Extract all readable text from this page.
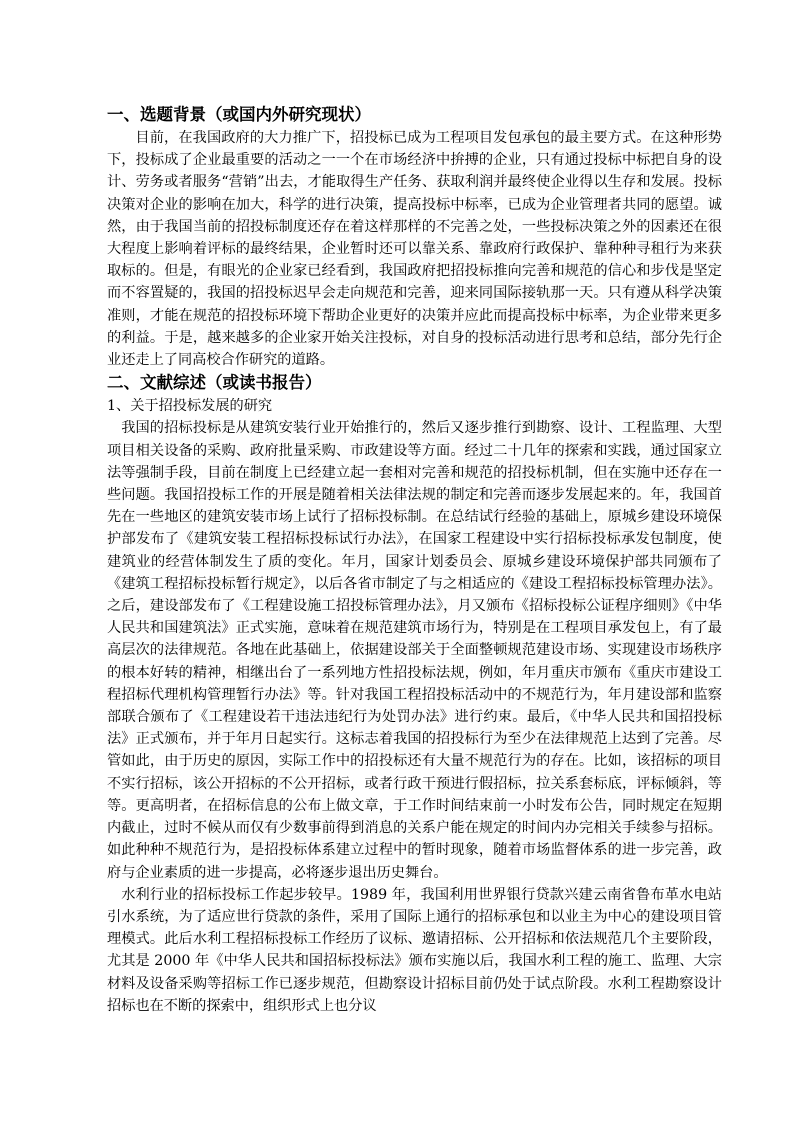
一、选题背景（或国内外研究现状）

目前，在我国政府的大力推广下，招投标已成为工程项目发包承包的最主要方式。在这种形势下，投标成了企业最重要的活动之一一个在市场经济中拚搏的企业，只有通过投标中标把自身的设计、劳务或者服务“营销”出去，才能取得生产任务、获取利润并最终使企业得以生存和发展。投标决策对企业的影响在加大，科学的进行决策，提高投标中标率，已成为企业管理者共同的愿望。诚然，由于我国当前的招投标制度还存在着这样那样的不完善之处，一些投标决策之外的因素还在很大程度上影响着评标的最终结果，企业暂时还可以靠关系、靠政府行政保护、靠种种寻租行为来获取标的。但是，有眼光的企业家已经看到，我国政府把招投标推向完善和规范的信心和步伐是坚定而不容置疑的，我国的招投标迟早会走向规范和完善，迎来同国际接轨那一天。只有遵从科学决策准则，才能在规范的招投标环境下帮助企业更好的决策并应此而提高投标中标率，为企业带来更多的利益。于是，越来越多的企业家开始关注投标，对自身的投标活动进行思考和总结，部分先行企业还走上了同高校合作研究的道路。

二、文献综述（或读书报告）

1、关于招投标发展的研究

我国的招标投标是从建筑安装行业开始推行的，然后又逐步推行到勘察、设计、工程监理、大型项目相关设备的采购、政府批量采购、市政建设等方面。经过二十几年的探索和实践，通过国家立法等强制手段，目前在制度上已经建立起一套相对完善和规范的招投标机制，但在实施中还存在一些问题。我国招投标工作的开展是随着相关法律法规的制定和完善而逐步发展起来的。年，我国首先在一些地区的建筑安装市场上试行了招标投标制。在总结试行经验的基础上，原城乡建设环境保护部发布了《建筑安装工程招标投标试行办法》，在国家工程建设中实行招标投标承发包制度，使建筑业的经营体制发生了质的变化。年月，国家计划委员会、原城乡建设环境保护部共同颁布了《建筑工程招标投标暂行规定》，以后各省市制定了与之相适应的《建设工程招标投标管理办法》。之后，建设部发布了《工程建设施工招投标管理办法》，月又颁布《招标投标公证程序细则》《中华人民共和国建筑法》正式实施，意味着在规范建筑市场行为，特别是在工程项目承发包上，有了最高层次的法律规范。各地在此基础上，依据建设部关于全面整顿规范建设市场、实现建设市场秩序的根本好转的精神，相继出台了一系列地方性招投标法规，例如，年月重庆市颁布《重庆市建设工程招标代理机构管理暂行办法》等。针对我国工程招投标活动中的不规范行为，年月建设部和监察部联合颁布了《工程建设若干违法违纪行为处罚办法》进行约束。最后，《中华人民共和国招投标法》正式颁布，并于年月日起实行。这标志着我国的招投标行为至少在法律规范上达到了完善。尽管如此，由于历史的原因，实际工作中的招投标还有大量不规范行为的存在。比如，该招标的项目不实行招标，该公开招标的不公开招标，或者行政干预进行假招标，拉关系套标底，评标倾斜，等等。更高明者，在招标信息的公布上做文章，于工作时间结束前一小时发布公告，同时规定在短期内截止，过时不候从而仅有少数事前得到消息的关系户能在规定的时间内办完相关手续参与招标。如此种种不规范行为，是招投标体系建立过程中的暂时现象，随着市场监督体系的进一步完善，政府与企业素质的进一步提高，必将逐步退出历史舞台。

水利行业的招标投标工作起步较早。1989 年，我国利用世界银行贷款兴建云南省鲁布革水电站引水系统，为了适应世行贷款的条件，采用了国际上通行的招标承包和以业主为中心的建设项目管理模式。此后水利工程招标投标工作经历了议标、邀请招标、公开招标和依法规范几个主要阶段，尤其是 2000 年《中华人民共和国招标投标法》颁布实施以后，我国水利工程的施工、监理、大宗材料及设备采购等招标工作已逐步规范，但勘察设计招标目前仍处于试点阶段。水利工程勘察设计招标也在不断的探索中，组织形式上也分议
